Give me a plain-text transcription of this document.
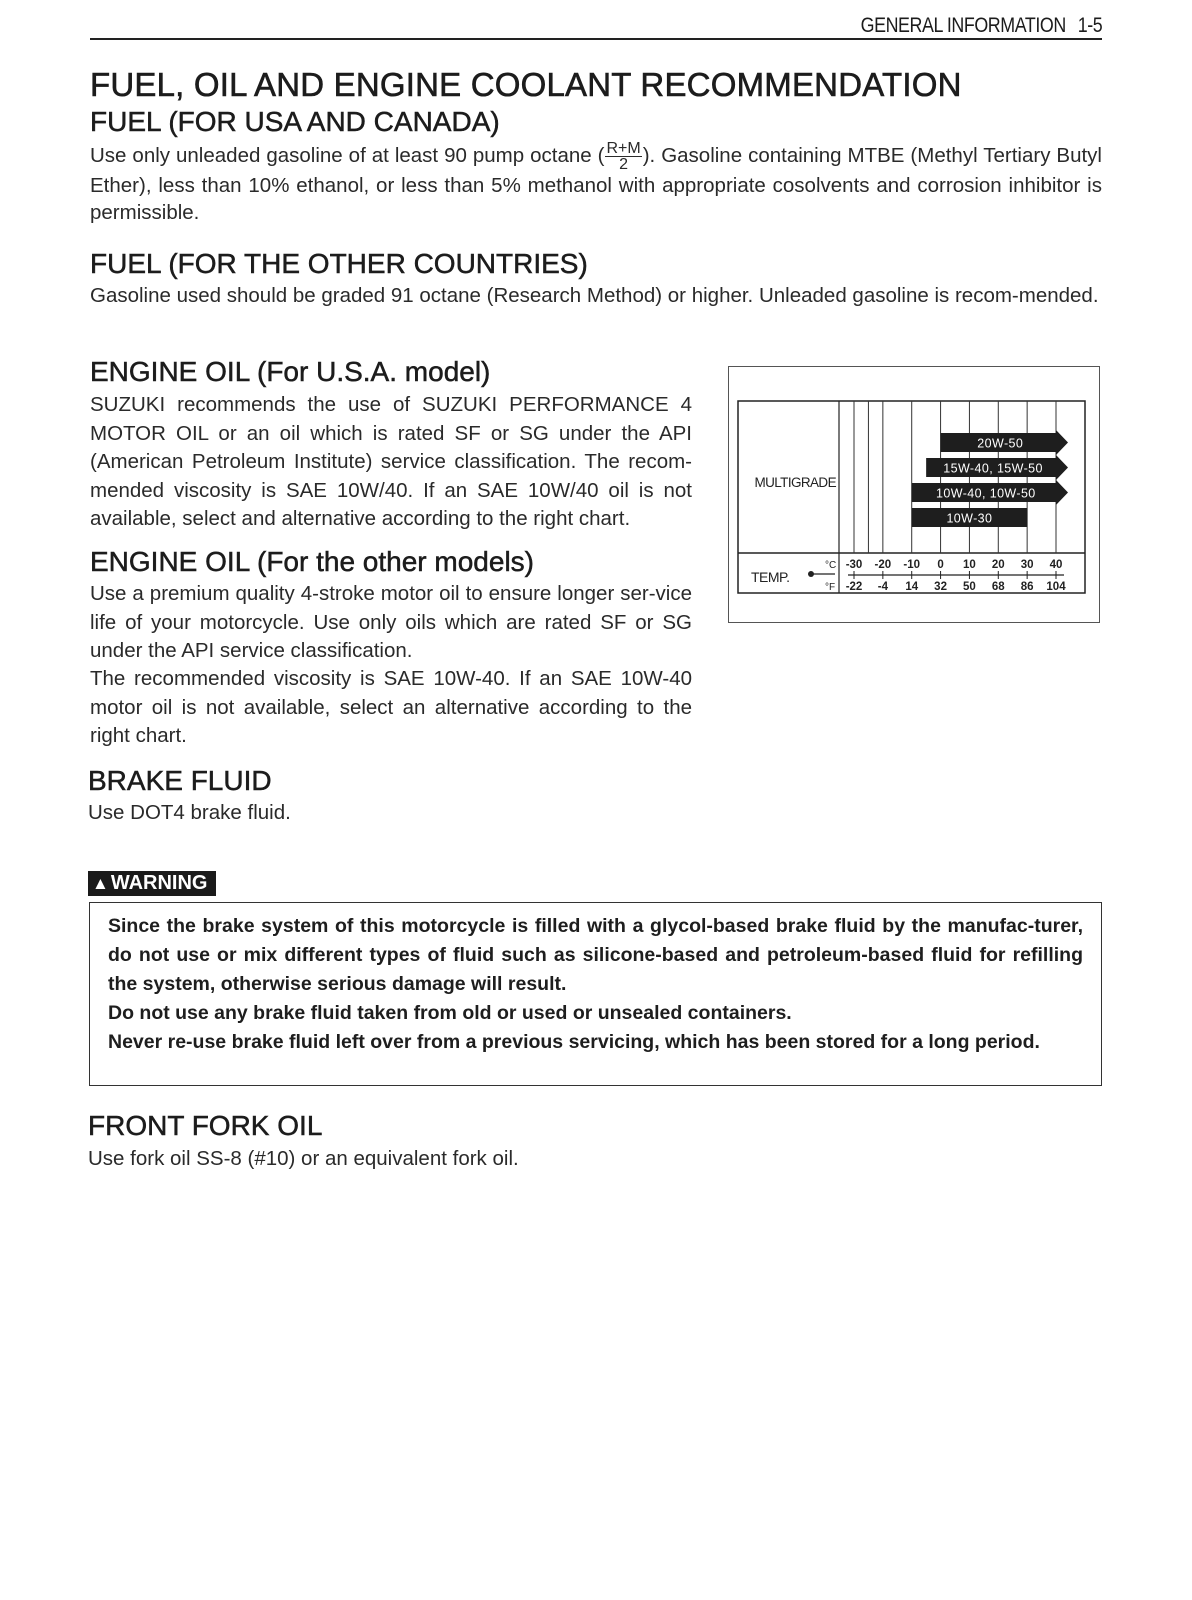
GENERAL INFORMATION 1-5
FUEL, OIL AND ENGINE COOLANT RECOMMENDATION
FUEL (FOR USA AND CANADA)

Use only unleaded gasoline of at least 90 pump octane ( $\frac{R+M}{2}$ ). Gasoline containing MTBE (Methyl Tertiary Butyl Ether), less than 10% ethanol, or less than 5% methanol with appropriate cosolvents and corrosion inhibitor is permissible.

FUEL (FOR THE OTHER COUNTRIES)

Gasoline used should be graded 91 octane (Research Method) or higher. Unleaded gasoline is recom-mended.

ENGINE OIL (For U.S.A. model)

SUZUKI recommends the use of SUZUKI PERFORMANCE 4 MOTOR OIL or an oil which is rated SF or SG under the API (American Petroleum Institute) service classification. The recom-mended viscosity is SAE 10W/40. If an SAE 10W/40 oil is not available, select and alternative according to the right chart.

ENGINE OIL (For the other models)

Use a premium quality 4-stroke motor oil to ensure longer ser-vice life of your motorcycle. Use only oils which are rated SF or SG under the API service classification.

The recommended viscosity is SAE 10W-40. If an SAE 10W-40 motor oil is not available, select an alternative according to the right chart.

MULTIGRADE
20W-50
15W-40, 15W-50
10W-40, 10W-50
10W-30
TEMP.
°C
°F
-30 -20 -10 0 10 20 30 40
-22 -4 14 32 50 68 86 104
BRAKE FLUID

Use DOT4 brake fluid.

▲ WARNING

Since the brake system of this motorcycle is filled with a glycol-based brake fluid by the manufac-turer, do not use or mix different types of fluid such as silicone-based and petroleum-based fluid for refilling the system, otherwise serious damage will result.

Do not use any brake fluid taken from old or used or unsealed containers.

Never re-use brake fluid left over from a previous servicing, which has been stored for a long period.

FRONT FORK OIL

Use fork oil SS-8 (#10) or an equivalent fork oil.
